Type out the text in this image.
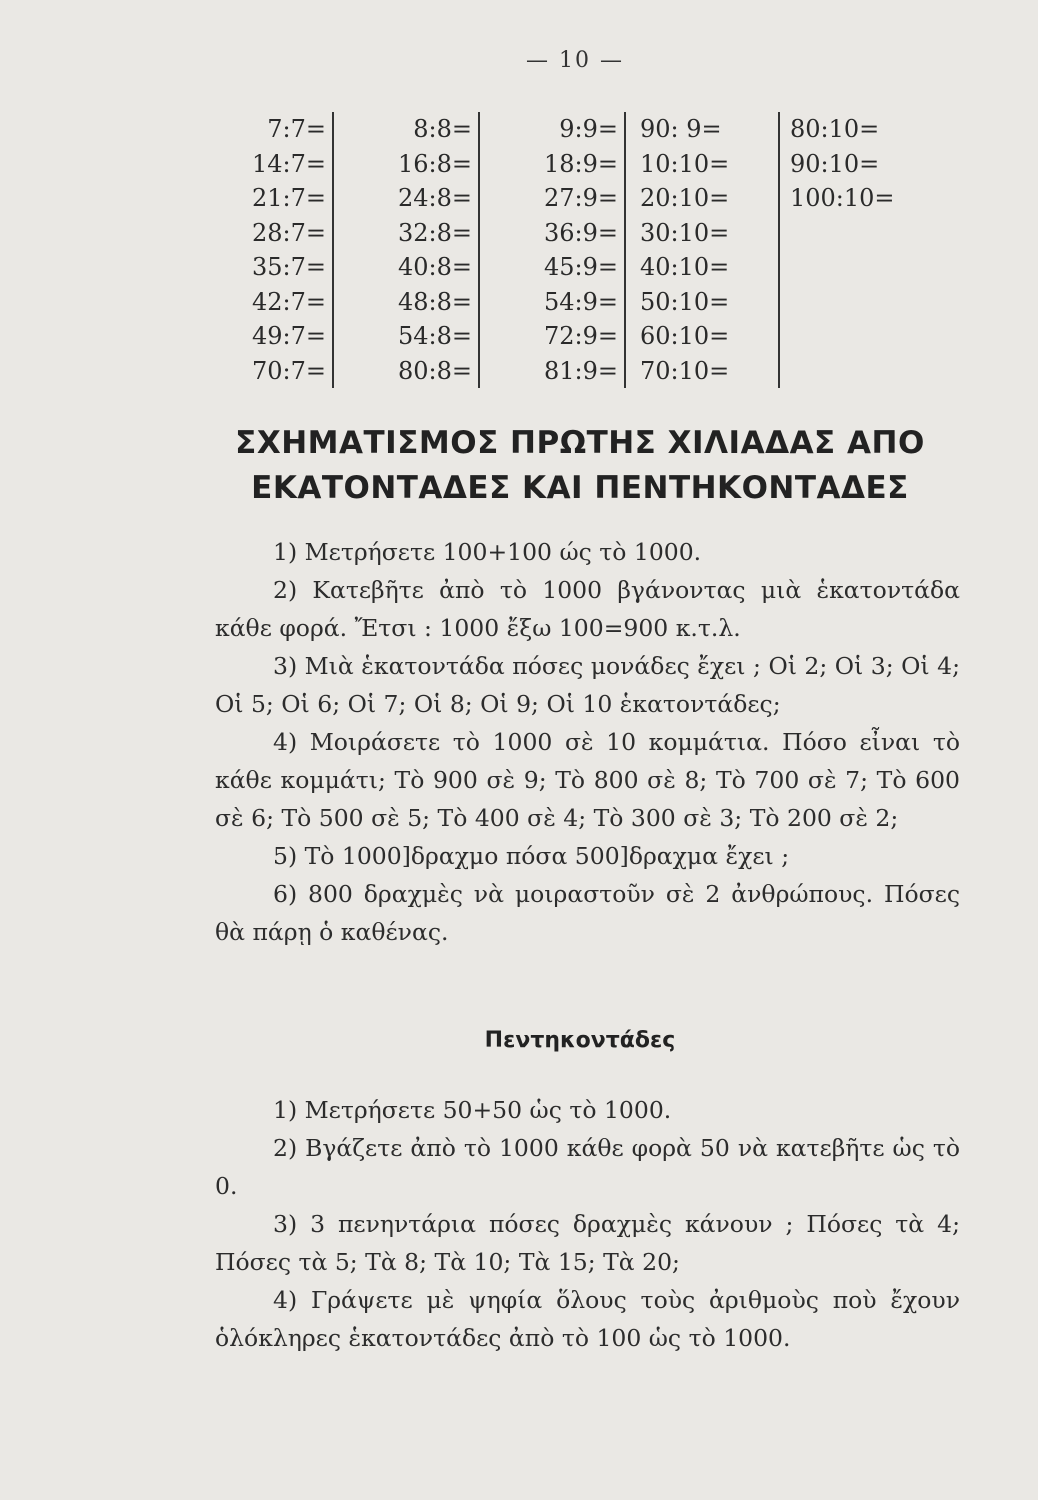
— 10 —
7:7=
14:7=
21:7=
28:7=
35:7=
42:7=
49:7=
70:7=
8:8=
16:8=
24:8=
32:8=
40:8=
48:8=
54:8=
80:8=
9:9=
18:9=
27:9=
36:9=
45:9=
54:9=
72:9=
81:9=
90: 9=
10:10=
20:10=
30:10=
40:10=
50:10=
60:10=
70:10=
80:10=
90:10=
100:10=
ΣΧΗΜΑΤΙΣΜΟΣ ΠΡΩΤΗΣ ΧΙΛΙΑΔΑΣ ΑΠΟ
ΕΚΑΤΟΝΤΑΔΕΣ ΚΑΙ ΠΕΝΤΗΚΟΝΤΑΔΕΣ

1) Μετρήσετε 100+100 ώς τὸ 1000.

2) Κατεβῆτε ἀπὸ τὸ 1000 βγάνοντας μιὰ ἑκατοντάδα κάθε φορά. Ἔτσι : 1000 ἔξω 100=900 κ.τ.λ.

3) Μιὰ ἑκατοντάδα πόσες μονάδες ἔχει ; Οἱ 2; Οἱ 3; Οἱ 4; Οἱ 5; Οἱ 6; Οἱ 7; Οἱ 8; Οἱ 9; Οἱ 10 ἑκατοντάδες;

4) Μοιράσετε τὸ 1000 σὲ 10 κομμάτια. Πόσο εἶναι τὸ κάθε κομμάτι; Τὸ 900 σὲ 9; Τὸ 800 σὲ 8; Τὸ 700 σὲ 7; Τὸ 600 σὲ 6; Τὸ 500 σὲ 5; Τὸ 400 σὲ 4; Τὸ 300 σὲ 3; Τὸ 200 σὲ 2;

5) Τὸ 1000]δραχμο πόσα 500]δραχμα ἔχει ;

6) 800 δραχμὲς νὰ μοιραστοῦν σὲ 2 ἀνθρώπους. Πόσες θὰ πάρῃ ὁ καθένας.

Πεντηκοντάδες

1) Μετρήσετε 50+50 ὡς τὸ 1000.

2) Βγάζετε ἀπὸ τὸ 1000 κάθε φορὰ 50 νὰ κατεβῆτε ὡς τὸ 0.

3) 3 πενηντάρια πόσες δραχμὲς κάνουν ; Πόσες τὰ 4; Πόσες τὰ 5; Τὰ 8; Τὰ 10; Τὰ 15; Τὰ 20;

4) Γράψετε μὲ ψηφία ὅλους τοὺς ἀριθμοὺς ποὺ ἔχουν ὁλόκληρες ἑκατοντάδες ἀπὸ τὸ 100 ὡς τὸ 1000.
